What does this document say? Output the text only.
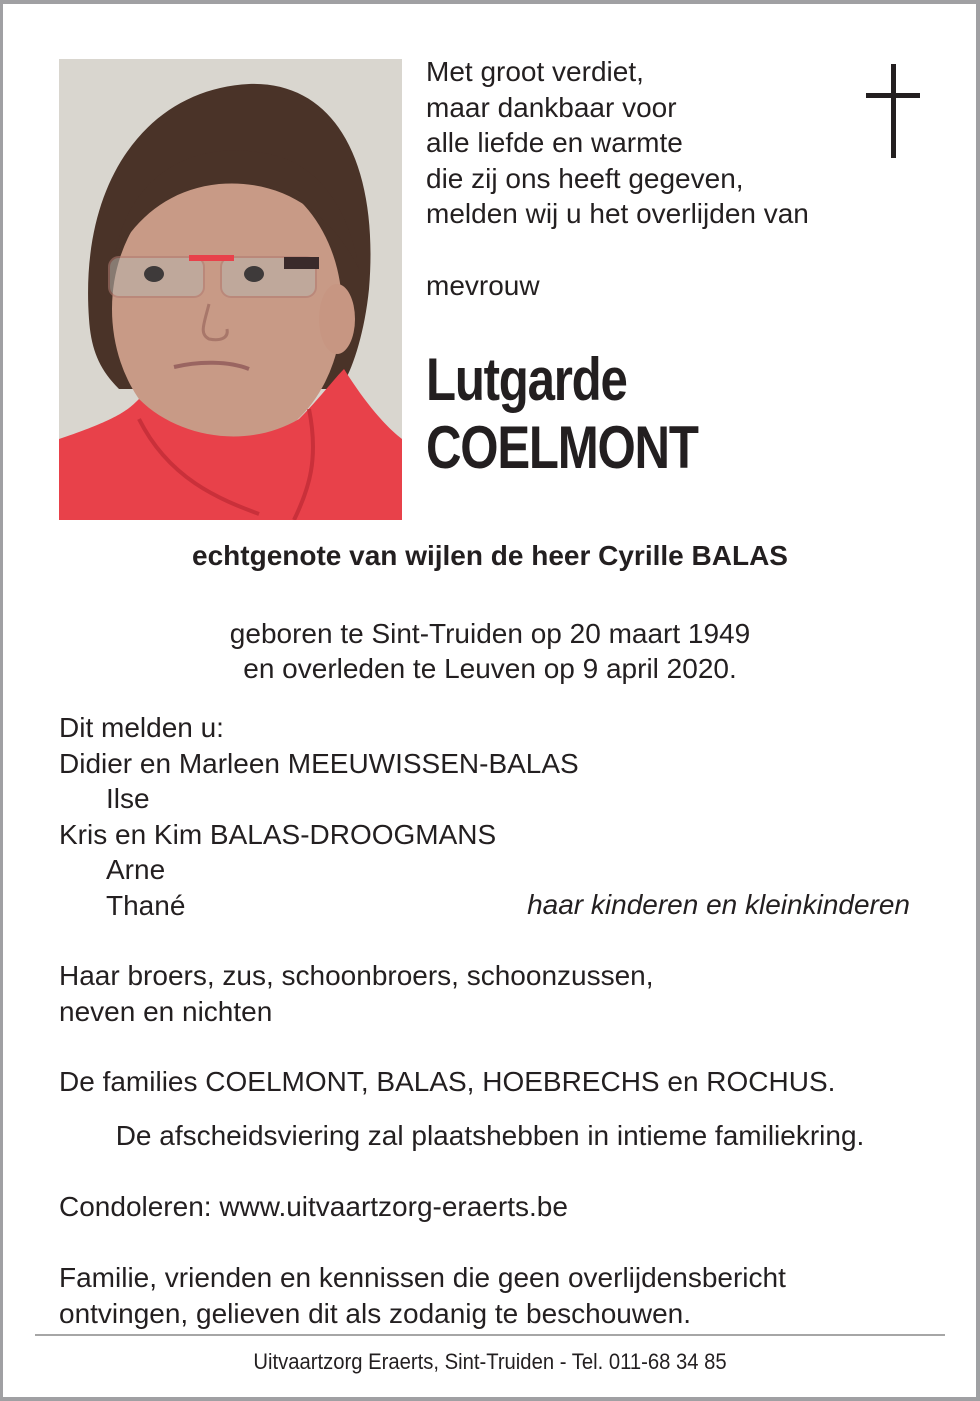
Met groot verdiet,
maar dankbaar voor
alle liefde en warmte
die zij ons heeft gegeven,
melden wij u het overlijden van
mevrouw
Lutgarde
COELMONT
echtgenote van wijlen de heer Cyrille BALAS
geboren te Sint-Truiden op 20 maart 1949
en overleden te Leuven op 9 april 2020.
Dit melden u:
Didier en Marleen MEEUWISSEN-BALAS
Ilse
Kris en Kim BALAS-DROOGMANS
Arne
Thané	haar kinderen en kleinkinderen
Haar broers, zus, schoonbroers, schoonzussen,
neven en nichten
De families COELMONT, BALAS, HOEBRECHS en ROCHUS.
De afscheidsviering zal plaatshebben in intieme familiekring.
Condoleren: www.uitvaartzorg-eraerts.be
Familie, vrienden en kennissen die geen overlijdensbericht
ontvingen, gelieven dit als zodanig te beschouwen.
Uitvaartzorg Eraerts, Sint-Truiden - Tel. 011-68 34 85
